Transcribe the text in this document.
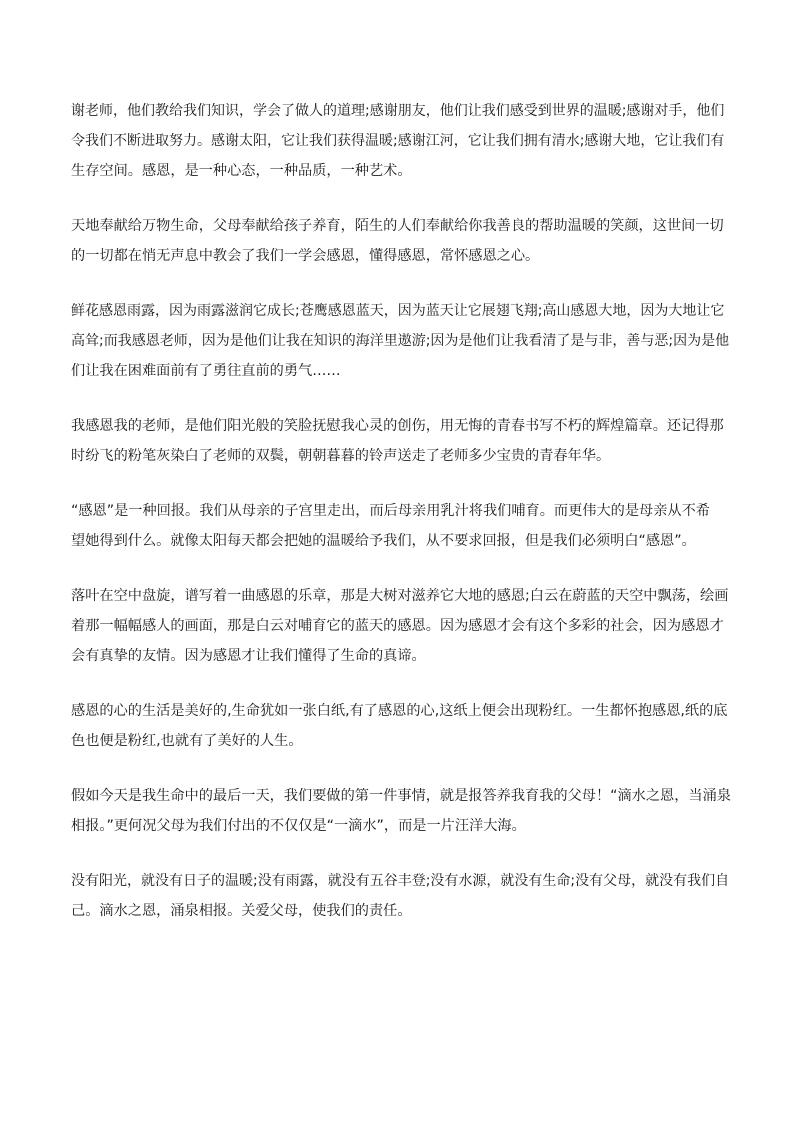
谢老师，他们教给我们知识，学会了做人的道理;感谢朋友，他们让我们感受到世界的温暖;感谢对手，他们
令我们不断进取努力。感谢太阳，它让我们获得温暖;感谢江河，它让我们拥有清水;感谢大地，它让我们有
生存空间。感恩，是一种心态，一种品质，一种艺术。

天地奉献给万物生命，父母奉献给孩子养育，陌生的人们奉献给你我善良的帮助温暖的笑颜，这世间一切
的一切都在悄无声息中教会了我们一学会感恩，懂得感恩，常怀感恩之心。

鲜花感恩雨露，因为雨露滋润它成长;苍鹰感恩蓝天，因为蓝天让它展翅飞翔;高山感恩大地，因为大地让它
高耸;而我感恩老师，因为是他们让我在知识的海洋里遨游;因为是他们让我看清了是与非，善与恶;因为是他
们让我在困难面前有了勇往直前的勇气……

我感恩我的老师，是他们阳光般的笑脸抚慰我心灵的创伤，用无悔的青春书写不朽的辉煌篇章。还记得那
时纷飞的粉笔灰染白了老师的双鬓，朝朝暮暮的铃声送走了老师多少宝贵的青春年华。

“感恩”是一种回报。我们从母亲的子宫里走出，而后母亲用乳汁将我们哺育。而更伟大的是母亲从不希
望她得到什么。就像太阳每天都会把她的温暖给予我们，从不要求回报，但是我们必须明白“感恩”。

落叶在空中盘旋，谱写着一曲感恩的乐章，那是大树对滋养它大地的感恩;白云在蔚蓝的天空中飘荡，绘画
着那一幅幅感人的画面，那是白云对哺育它的蓝天的感恩。因为感恩才会有这个多彩的社会，因为感恩才
会有真挚的友情。因为感恩才让我们懂得了生命的真谛。

感恩的心的生活是美好的,生命犹如一张白纸,有了感恩的心,这纸上便会出现粉红。一生都怀抱感恩,纸的底
色也便是粉红,也就有了美好的人生。

假如今天是我生命中的最后一天，我们要做的第一件事情，就是报答养我育我的父母！“滴水之恩，当涌泉
相报。”更何况父母为我们付出的不仅仅是“一滴水”，而是一片汪洋大海。

没有阳光，就没有日子的温暖;没有雨露，就没有五谷丰登;没有水源，就没有生命;没有父母，就没有我们自
己。滴水之恩，涌泉相报。关爱父母，使我们的责任。
